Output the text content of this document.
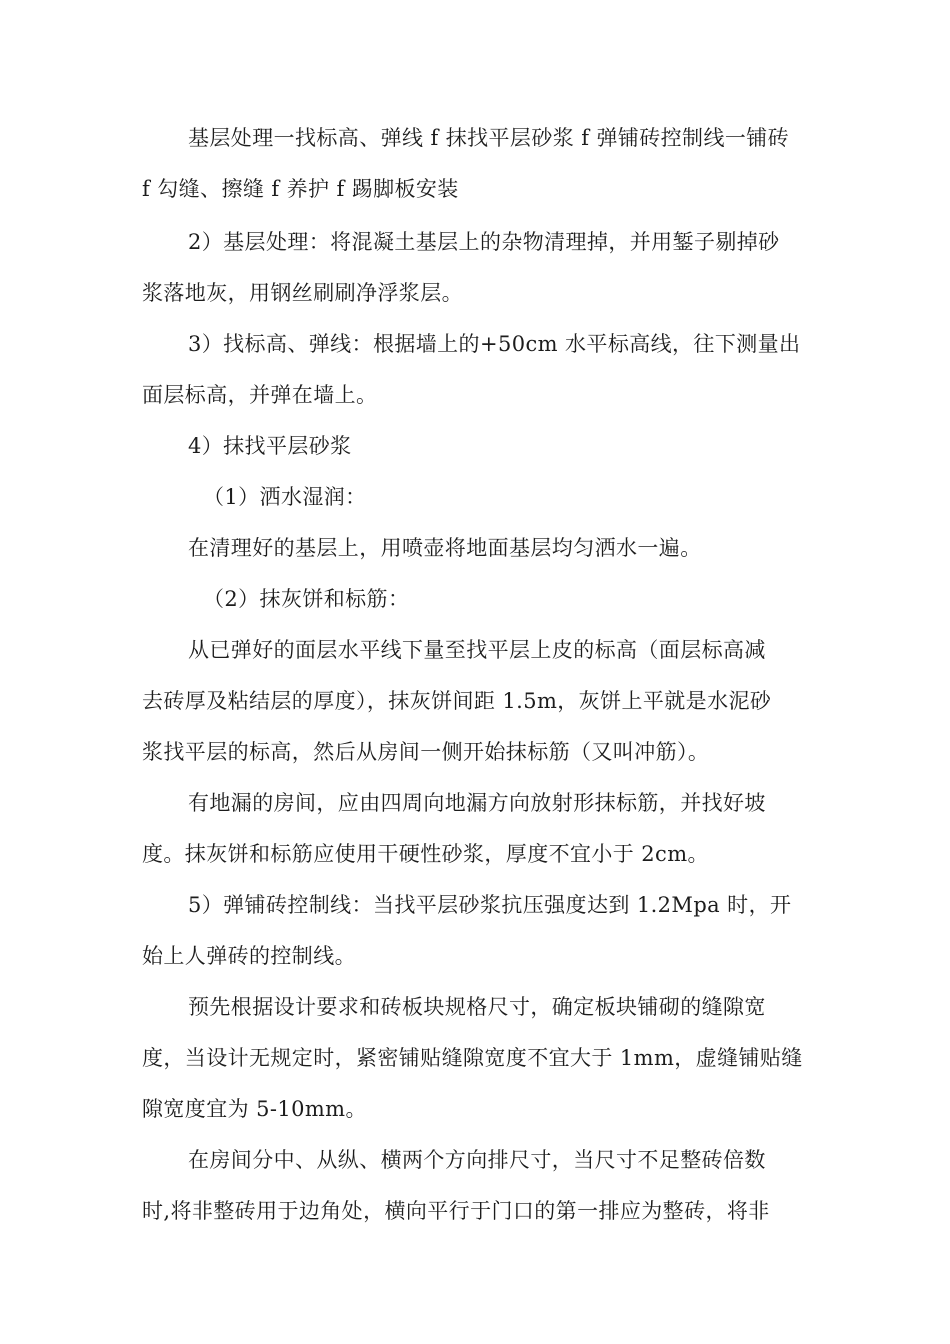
基层处理一找标高、弹线 f 抹找平层砂浆 f 弹铺砖控制线一铺砖
f 勾缝、擦缝 f 养护 f 踢脚板安装
2）基层处理：将混凝土基层上的杂物清理掉，并用錾子剔掉砂
浆落地灰，用钢丝刷刷净浮浆层。
3）找标高、弹线：根据墙上的+50cm 水平标高线，往下测量出
面层标高，并弹在墙上。
4）抹找平层砂浆
（1）洒水湿润：
在清理好的基层上，用喷壶将地面基层均匀洒水一遍。
（2）抹灰饼和标筋：
从已弹好的面层水平线下量至找平层上皮的标高（面层标高减
去砖厚及粘结层的厚度），抹灰饼间距 1.5m，灰饼上平就是水泥砂
浆找平层的标高，然后从房间一侧开始抹标筋（又叫冲筋）。
有地漏的房间，应由四周向地漏方向放射形抹标筋，并找好坡
度。抹灰饼和标筋应使用干硬性砂浆，厚度不宜小于 2cm。
5）弹铺砖控制线：当找平层砂浆抗压强度达到 1.2Mpa 时，开
始上人弹砖的控制线。
预先根据设计要求和砖板块规格尺寸，确定板块铺砌的缝隙宽
度，当设计无规定时，紧密铺贴缝隙宽度不宜大于 1mm，虚缝铺贴缝
隙宽度宜为 5-10mm。
在房间分中、从纵、横两个方向排尺寸，当尺寸不足整砖倍数
时,将非整砖用于边角处，横向平行于门口的第一排应为整砖，将非
